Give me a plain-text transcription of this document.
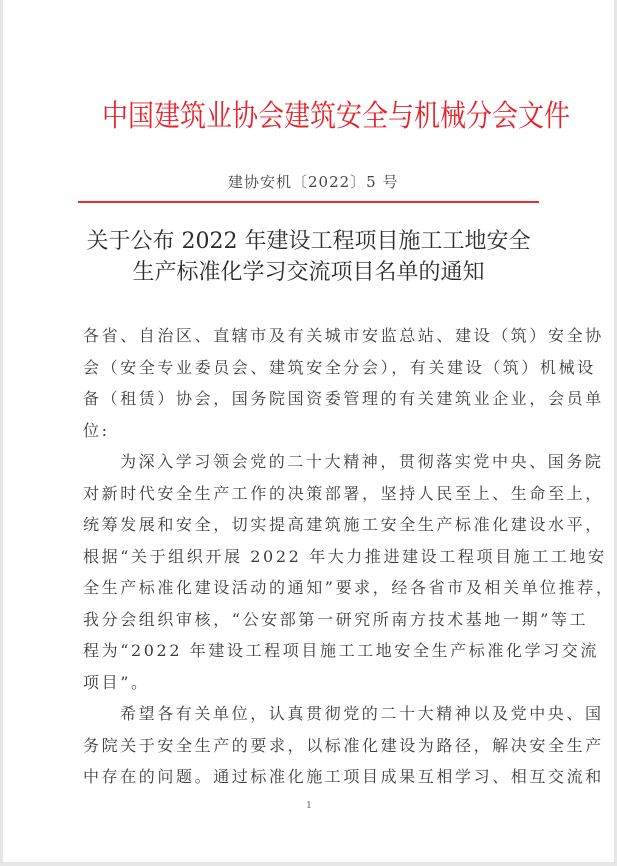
中国建筑业协会建筑安全与机械分会文件
建协安机〔2022〕5 号
关于公布 2022 年建设工程项目施工工地安全
生产标准化学习交流项目名单的通知
各省、自治区、直辖市及有关城市安监总站、建设（筑）安全协
会（安全专业委员会、建筑安全分会），有关建设（筑）机械设
备（租赁）协会，国务院国资委管理的有关建筑业企业，会员单
位:
为深入学习领会党的二十大精神，贯彻落实党中央、国务院
对新时代安全生产工作的决策部署，坚持人民至上、生命至上，
统筹发展和安全，切实提高建筑施工安全生产标准化建设水平，
根据“关于组织开展 2022 年大力推进建设工程项目施工工地安
全生产标准化建设活动的通知”要求，经各省市及相关单位推荐，
我分会组织审核，“公安部第一研究所南方技术基地一期”等工
程为“2022 年建设工程项目施工工地安全生产标准化学习交流
项目”。
希望各有关单位，认真贯彻党的二十大精神以及党中央、国
务院关于安全生产的要求，以标准化建设为路径，解决安全生产
中存在的问题。通过标准化施工项目成果互相学习、相互交流和
1
